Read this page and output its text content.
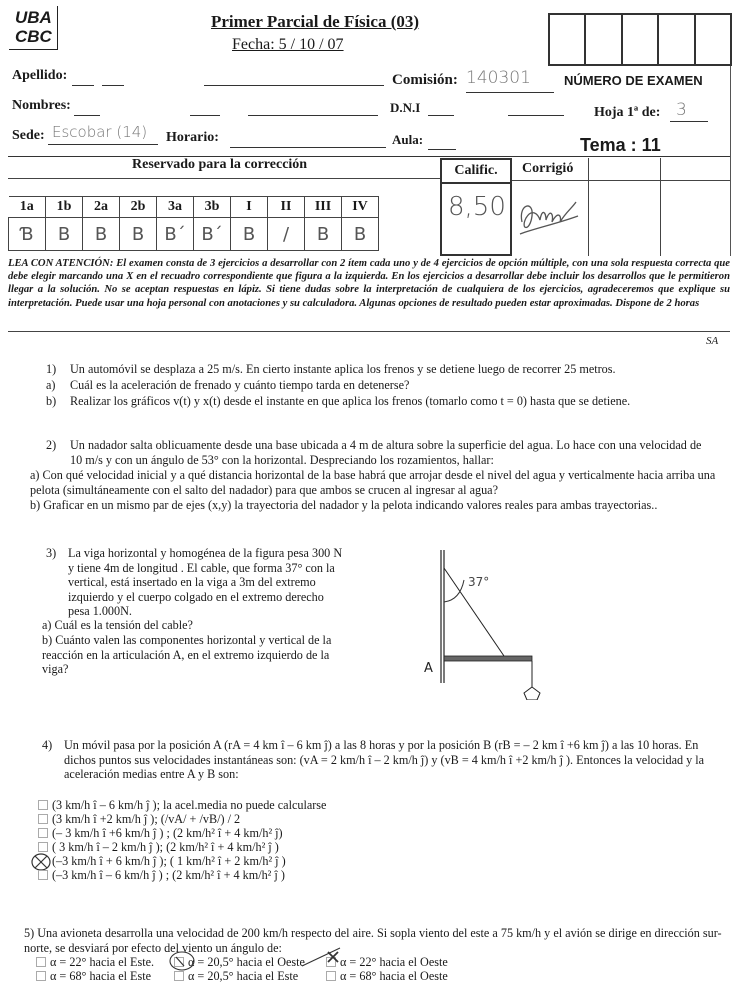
UBA
CBC
Primer Parcial de Física (03)
Fecha: 5 / 10 / 07
NÚMERO DE EXAMEN
Apellido:	Comisión: 140301
Nombres:	D.N.I	Hoja 1ª de: 3
Sede: Escobar (14)	Horario:	Aula:	Tema : 11
Reservado para la corrección
1a	1b	2a	2b	3a	3b	I	II	III	IV
Ɓ	B	B	B	B´	B´	B	/	B	B
Calific.
8,50
Corrigió
LEA CON ATENCIÓN: El examen consta de 3 ejercicios a desarrollar con 2 ítem cada uno y de 4 ejercicios de opción múltiple, con una sola respuesta correcta que debe elegir marcando una X en el recuadro correspondiente que figura a la izquierda. En los ejercicios a desarrollar debe incluir los desarrollos que le permitieron llegar a la solución. No se aceptan respuestas en lápiz. Si tiene dudas sobre la interpretación de cualquiera de los ejercicios, agradeceremos que explique su interpretación. Puede usar una hoja personal con anotaciones y su calculadora. Algunas opciones de resultado pueden estar aproximadas. Dispone de 2 horas
SA
1) Un automóvil se desplaza a 25 m/s. En cierto instante aplica los frenos y se detiene luego de recorrer 25 metros.
a) Cuál es la aceleración de frenado y cuánto tiempo tarda en detenerse?
b) Realizar los gráficos v(t) y x(t) desde el instante en que aplica los frenos (tomarlo como t = 0) hasta que se detiene.
2) Un nadador salta oblicuamente desde una base ubicada a 4 m de altura sobre la superficie del agua. Lo hace con una velocidad de 10 m/s y con un ángulo de 53° con la horizontal. Despreciando los rozamientos, hallar:
a) Con qué velocidad inicial y a qué distancia horizontal de la base habrá que arrojar desde el nivel del agua y verticalmente hacia arriba una pelota (simultáneamente con el salto del nadador) para que ambos se crucen al ingresar al agua?
b) Graficar en un mismo par de ejes (x,y) la trayectoria del nadador y la pelota indicando valores reales para ambas trayectorias..
3) La viga horizontal y homogénea de la figura pesa 300 N y tiene 4m de longitud . El cable, que forma 37° con la vertical, está insertado en la viga a 3m del extremo izquierdo y el cuerpo colgado en el extremo derecho pesa 1.000N.
a) Cuál es la tensión del cable?
b) Cuánto valen las componentes horizontal y vertical de la reacción en la articulación A, en el extremo izquierdo de la viga?
37°
A
4) Un móvil pasa por la posición A (rA = 4 km î – 6 km ĵ) a las 8 horas y por la posición B (rB = – 2 km î +6 km ĵ) a las 10 horas. En dichos puntos sus velocidades instantáneas son: (vA = 2 km/h î – 2 km/h ĵ) y (vB = 4 km/h î +2 km/h ĵ ). Entonces la velocidad y la aceleración medias entre A y B son:
(3 km/h î – 6 km/h ĵ ); la acel.media no puede calcularse
(3 km/h î +2 km/h ĵ ); (/vA/ + /vB/) / 2
(– 3 km/h î +6 km/h ĵ ) ; (2 km/h² î + 4 km/h² ĵ)
( 3 km/h î – 2 km/h ĵ ); (2 km/h² î + 4 km/h² ĵ )
(–3 km/h î + 6 km/h ĵ ); ( 1 km/h² î + 2 km/h² ĵ )
(–3 km/h î – 6 km/h ĵ ) ; (2 km/h² î + 4 km/h² ĵ )
5) Una avioneta desarrolla una velocidad de 200 km/h respecto del aire. Si sopla viento del este a 75 km/h y el avión se dirige en dirección sur-norte, se desviará por efecto del viento un ángulo de:
α = 22° hacia el Este.	α = 20,5° hacia el Oeste	α = 22° hacia el Oeste
α = 68° hacia el Este	α = 20,5° hacia el Este	α = 68° hacia el Oeste
